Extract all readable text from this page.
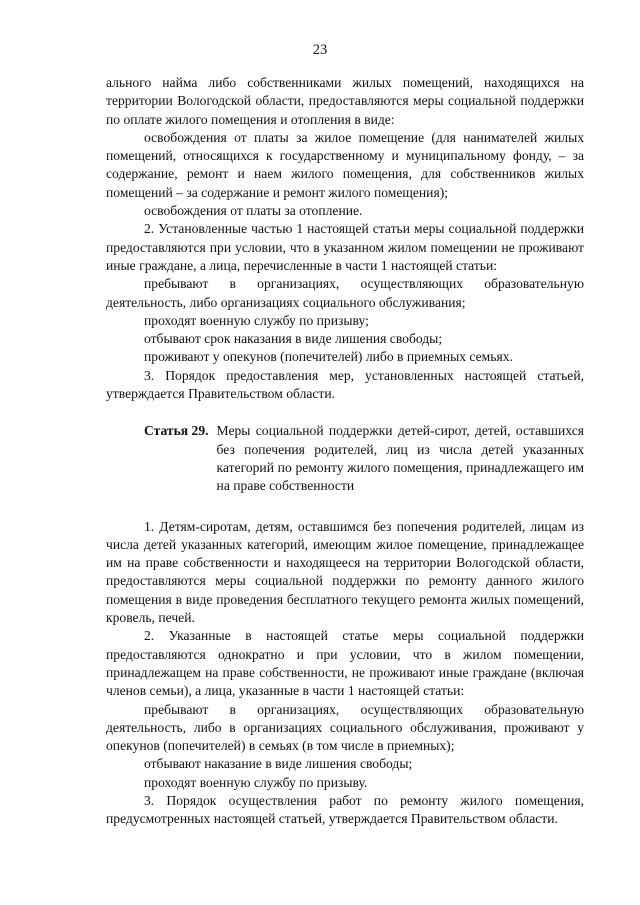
23

ального найма либо собственниками жилых помещений, находящихся на территории Вологодской области, предоставляются меры социальной поддержки по оплате жилого помещения и отопления в виде:

освобождения от платы за жилое помещение (для нанимателей жилых помещений, относящихся к государственному и муниципальному фонду, – за содержание, ремонт и наем жилого помещения, для собственников жилых помещений – за содержание и ремонт жилого помещения);

освобождения от платы за отопление.

2. Установленные частью 1 настоящей статьи меры социальной поддержки предоставляются при условии, что в указанном жилом помещении не проживают иные граждане, а лица, перечисленные в части 1 настоящей статьи:

пребывают в организациях, осуществляющих образовательную деятельность, либо организациях социального обслуживания;

проходят военную службу по призыву;

отбывают срок наказания в виде лишения свободы;

проживают у опекунов (попечителей) либо в приемных семьях.

3. Порядок предоставления мер, установленных настоящей статьей, утверждается Правительством области.

Статья 29. Меры социальной поддержки детей-сирот, детей, оставшихся без попечения родителей, лиц из числа детей указанных категорий по ремонту жилого помещения, принадлежащего им на праве собственности

1. Детям-сиротам, детям, оставшимся без попечения родителей, лицам из числа детей указанных категорий, имеющим жилое помещение, принадлежащее им на праве собственности и находящееся на территории Вологодской области, предоставляются меры социальной поддержки по ремонту данного жилого помещения в виде проведения бесплатного текущего ремонта жилых помещений, кровель, печей.

2. Указанные в настоящей статье меры социальной поддержки предоставляются однократно и при условии, что в жилом помещении, принадлежащем на праве собственности, не проживают иные граждане (включая членов семьи), а лица, указанные в части 1 настоящей статьи:

пребывают в организациях, осуществляющих образовательную деятельность, либо в организациях социального обслуживания, проживают у опекунов (попечителей) в семьях (в том числе в приемных);

отбывают наказание в виде лишения свободы;

проходят военную службу по призыву.

3. Порядок осуществления работ по ремонту жилого помещения, предусмотренных настоящей статьей, утверждается Правительством области.
